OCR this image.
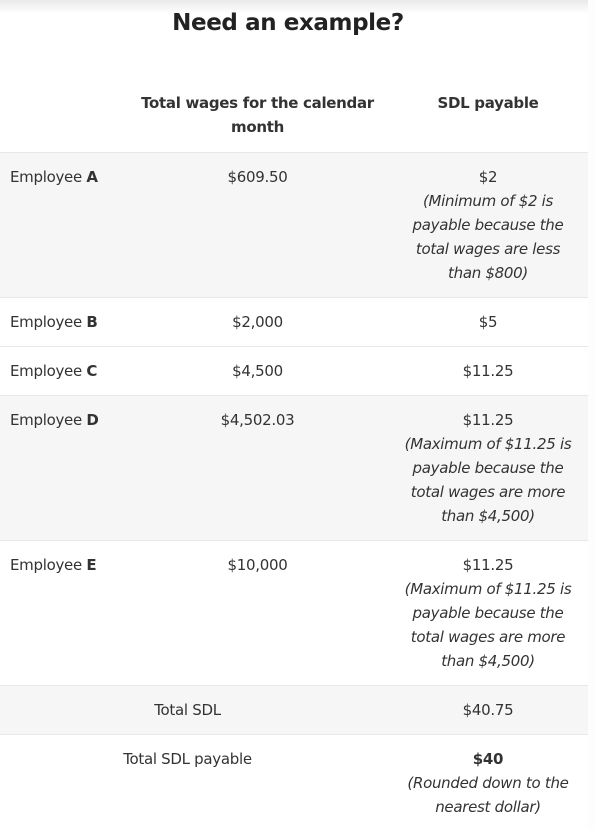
Need an example?
Total wages for the calendar month
SDL payable
Employee A	$609.50	$2
(Minimum of $2 is payable because the total wages are less than $800)
Employee B	$2,000	$5
Employee C	$4,500	$11.25
Employee D	$4,502.03	$11.25
(Maximum of $11.25 is payable because the total wages are more than $4,500)
Employee E	$10,000	$11.25
(Maximum of $11.25 is payable because the total wages are more than $4,500)
Total SDL	$40.75
Total SDL payable	$40
(Rounded down to the nearest dollar)
